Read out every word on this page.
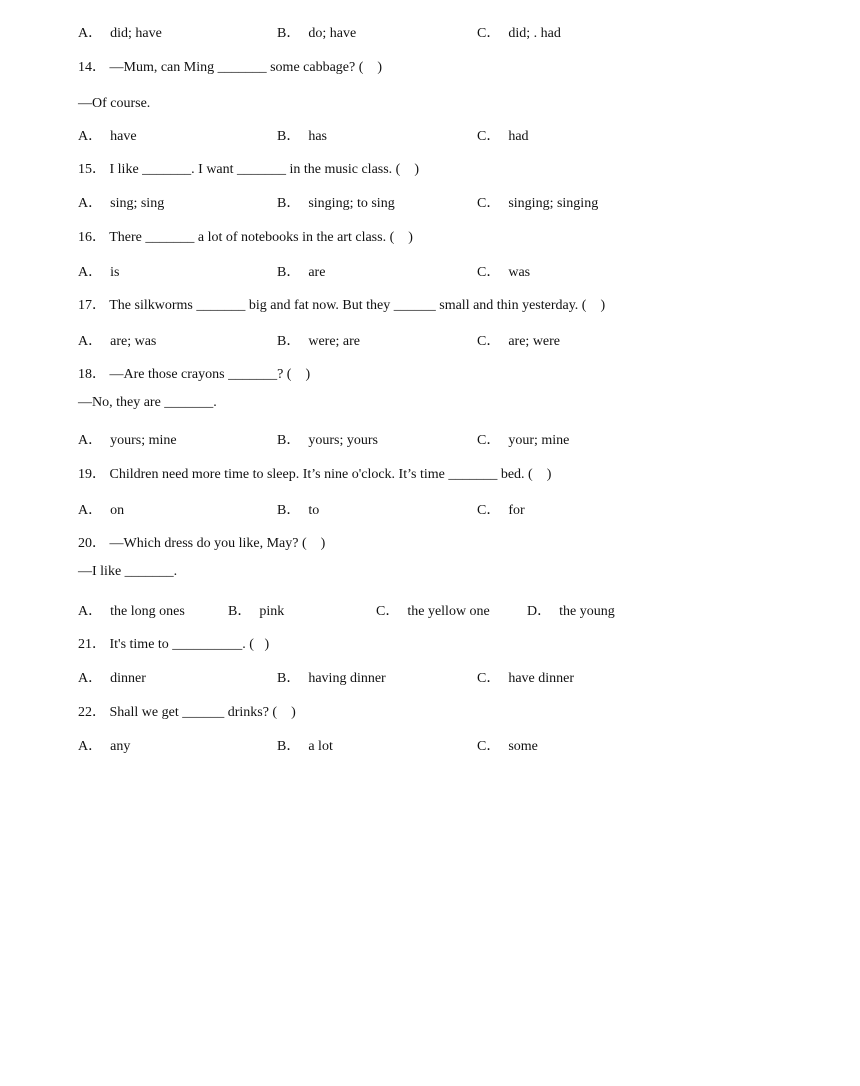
A． did; have	B． do; have	C． did; . had
14． —Mum, can Ming _______ some cabbage? (    )
—Of course.
A． have	B． has	C． had
15． I like _______. I want _______ in the music class. (    )
A． sing; sing	B． singing; to sing	C． singing; singing
16． There _______ a lot of notebooks in the art class. (    )
A． is	B． are	C． was
17． The silkworms _______ big and fat now. But they ______ small and thin yesterday. (    )
A． are; was	B． were; are	C． are; were
18． —Are those crayons _______? (    )
—No, they are _______.
A． yours; mine	B． yours; yours	C． your; mine
19． Children need more time to sleep. It’s nine o'clock. It’s time _______ bed. (    )
A． on	B． to	C． for
20． —Which dress do you like, May? (    )
—I like _______.
A． the long ones	B． pink	C． the yellow one	D． the young
21． It's time to __________. (   )
A． dinner	B． having dinner	C． have dinner
22． Shall we get ______ drinks? (    )
A． any	B． a lot	C． some
